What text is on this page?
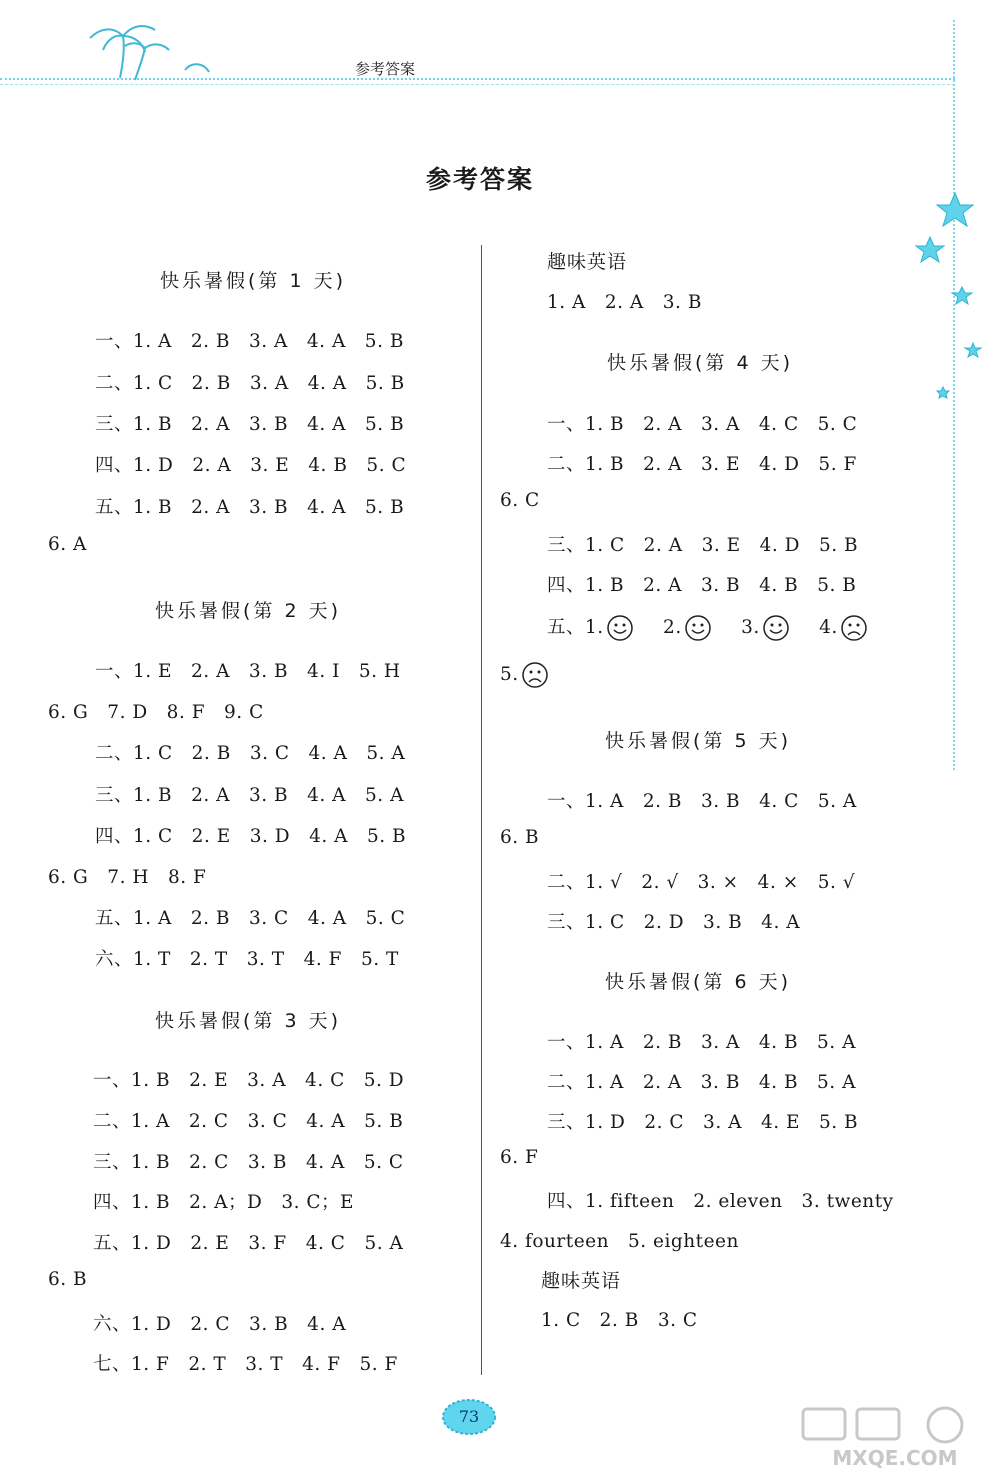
参考答案
参考答案
快乐暑假(第 1 天)
一、1. A　2. B　3. A　4. A　5. B
二、1. C　2. B　3. A　4. A　5. B
三、1. B　2. A　3. B　4. A　5. B
四、1. D　2. A　3. E　4. B　5. C
五、1. B　2. A　3. B　4. A　5. B
6. A
快乐暑假(第 2 天)
一、1. E　2. A　3. B　4. I　5. H
6. G　7. D　8. F　9. C
二、1. C　2. B　3. C　4. A　5. A
三、1. B　2. A　3. B　4. A　5. A
四、1. C　2. E　3. D　4. A　5. B
6. G　7. H　8. F
五、1. A　2. B　3. C　4. A　5. C
六、1. T　2. T　3. T　4. F　5. T
快乐暑假(第 3 天)
一、1. B　2. E　3. A　4. C　5. D
二、1. A　2. C　3. C　4. A　5. B
三、1. B　2. C　3. B　4. A　5. C
四、1. B　2. A；D　3. C；E
五、1. D　2. E　3. F　4. C　5. A
6. B
六、1. D　2. C　3. B　4. A
七、1. F　2. T　3. T　4. F　5. F
趣味英语
1. A　2. A　3. B
快乐暑假(第 4 天)
一、1. B　2. A　3. A　4. C　5. C
二、1. B　2. A　3. E　4. D　5. F
6. C
三、1. C　2. A　3. E　4. D　5. B
四、1. B　2. A　3. B　4. B　5. B
五、1.	2.	3.	4.
5.
快乐暑假(第 5 天)
一、1. A　2. B　3. B　4. C　5. A
6. B
二、1. √　2. √　3. ×　4. ×　5. √
三、1. C　2. D　3. B　4. A
快乐暑假(第 6 天)
一、1. A　2. B　3. A　4. B　5. A
二、1. A　2. A　3. B　4. B　5. A
三、1. D　2. C　3. A　4. E　5. B
6. F
四、1. fifteen　2. eleven　3. twenty
4. fourteen　5. eighteen
趣味英语
1. C　2. B　3. C
73
MXQE.COM
